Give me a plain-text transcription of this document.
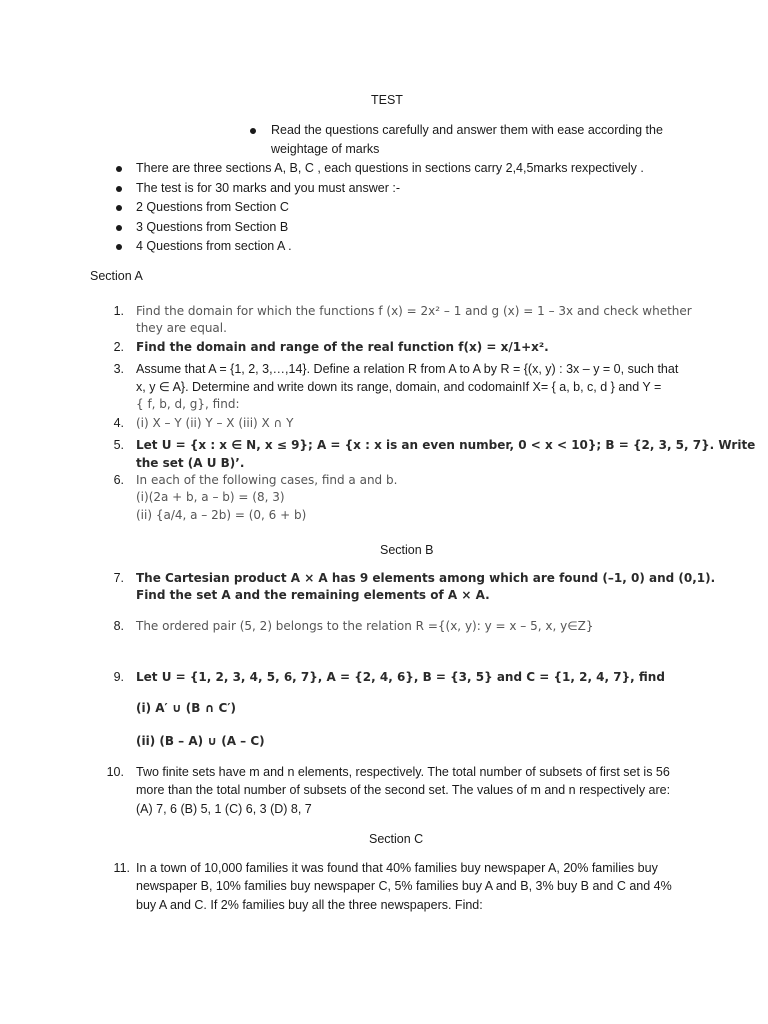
TEST
Read the questions carefully and answer them with ease according the
weightage of marks
There are three sections A, B, C , each questions in sections carry 2,4,5marks rexpectively .
The test is for 30 marks and you must answer :-
2 Questions from Section C
3 Questions from Section B
4 Questions from section A .
Section A
1. Find the domain for which the functions f (x) = 2x² – 1 and g (x) = 1 – 3x and check whether
they are equal.
2. Find the domain and range of the real function f(x) = x/1+x².
3. Assume that A = {1, 2, 3,…,14}. Define a relation R from A to A by R = {(x, y) : 3x – y = 0, such that
x, y ∈ A}. Determine and write down its range, domain, and codomainIf X= { a, b, c, d } and Y =
{ f, b, d, g}, find:
4. (i) X – Y (ii) Y – X (iii) X ∩ Y
5. Let U = {x : x ∈ N, x ≤ 9}; A = {x : x is an even number, 0 < x < 10}; B = {2, 3, 5, 7}. Write
the set (A U B)’.
6. In each of the following cases, find a and b.
(i)(2a + b, a – b) = (8, 3)
(ii) {a/4, a – 2b) = (0, 6 + b)
Section B
7. The Cartesian product A × A has 9 elements among which are found (–1, 0) and (0,1).
Find the set A and the remaining elements of A × A.
8. The ordered pair (5, 2) belongs to the relation R ={(x, y): y = x – 5, x, y∈Z}
9. Let U = {1, 2, 3, 4, 5, 6, 7}, A = {2, 4, 6}, B = {3, 5} and C = {1, 2, 4, 7}, find
(i) A′ ∪ (B ∩ C′)
(ii) (B – A) ∪ (A – C)
10. Two finite sets have m and n elements, respectively. The total number of subsets of first set is 56
more than the total number of subsets of the second set. The values of m and n respectively are:
(A) 7, 6 (B) 5, 1 (C) 6, 3 (D) 8, 7
Section C
11. In a town of 10,000 families it was found that 40% families buy newspaper A, 20% families buy
newspaper B, 10% families buy newspaper C, 5% families buy A and B, 3% buy B and C and 4%
buy A and C. If 2% families buy all the three newspapers. Find:
